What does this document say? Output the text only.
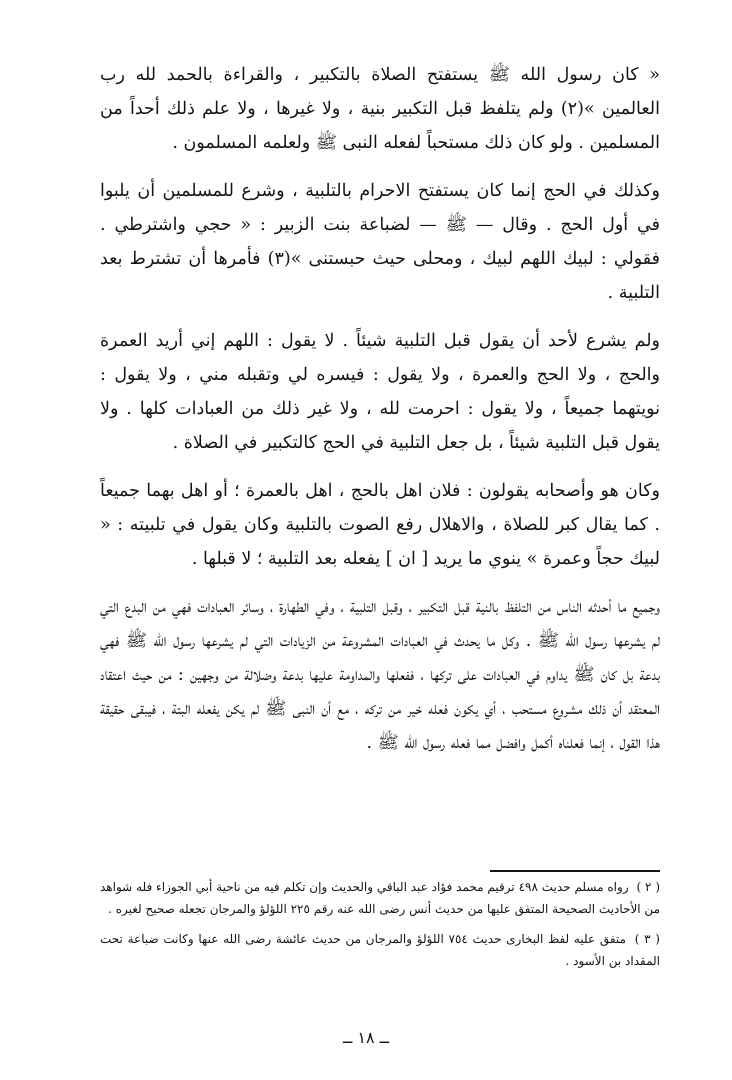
« كان رسول الله ﷺ يستفتح الصلاة بالتكبير ، والقراءة بالحمد لله رب العالمين »(٢) ولم يتلفظ قبل التكبير بنية ، ولا غيرها ، ولا علم ذلك أحداً من المسلمين . ولو كان ذلك مستحباً لفعله النبى ﷺ ولعلمه المسلمون .

وكذلك في الحج إنما كان يستفتح الاحرام بالتلبية ، وشرع للمسلمين أن يلبوا في أول الحج . وقال — ﷺ — لضباعة بنت الزبير : « حجي واشترطي . فقولي : لبيك اللهم لبيك ، ومحلى حيث حبستنى »(٣) فأمرها أن تشترط بعد التلبية .

ولم يشرع لأحد أن يقول قبل التلبية شيئاً . لا يقول : اللهم إني أريد العمرة والحج ، ولا الحج والعمرة ، ولا يقول : فيسره لي وتقبله مني ، ولا يقول : نويتهما جميعاً ، ولا يقول : احرمت لله ، ولا غير ذلك من العبادات كلها . ولا يقول قبل التلبية شيئاً ، بل جعل التلبية في الحج كالتكبير في الصلاة .

وكان هو وأصحابه يقولون : فلان اهل بالحج ، اهل بالعمرة ؛ أو اهل بهما جميعاً . كما يقال كبر للصلاة ، والاهلال رفع الصوت بالتلبية وكان يقول في تلبيته : « لبيك حجاً وعمرة » ينوي ما يريد [ ان ] يفعله بعد التلبية ؛ لا قبلها .

وجميع ما أحدثه الناس من التلفظ بالنية قبل التكبير ، وقبل التلبية ، وفي الطهارة ، وسائر العبادات فهي من البدع التي لم يشرعها رسول الله ﷺ . وكل ما يحدث في العبادات المشروعة من الزيادات التي لم يشرعها رسول الله ﷺ فهي بدعة بل كان ﷺ يداوم في العبادات على تركها ، ففعلها والمداومة عليها بدعة وضلالة من وجهين : من حيث اعتقاد المعتقد أن ذلك مشروع مستحب ، أي يكون فعله خير من تركه ، مع أن النبى ﷺ لم يكن يفعله البتة ، فيبقى حقيقة هذا القول ، إنما فعلناه أكمل وافضل مما فعله رسول الله ﷺ .

( ٢ ) رواه مسلم حديث ٤٩٨ ترقيم محمد فؤاد عبد الباقي والحديث وإن تكلم فيه من ناحية أبي الجوزاء فله شواهد من الأحاديث الصحيحة المتفق عليها من حديث أنس رضى الله عنه رقم ٢٢٥ اللؤلؤ والمرجان تجعله صحيح لغيره .

( ٣ ) متفق عليه لفظ البخارى حديث ٧٥٤ اللؤلؤ والمرجان من حديث عائشة رضى الله عنها وكانت ضباعة تحت المقداد بن الأسود .

ــ ١٨ ــ
